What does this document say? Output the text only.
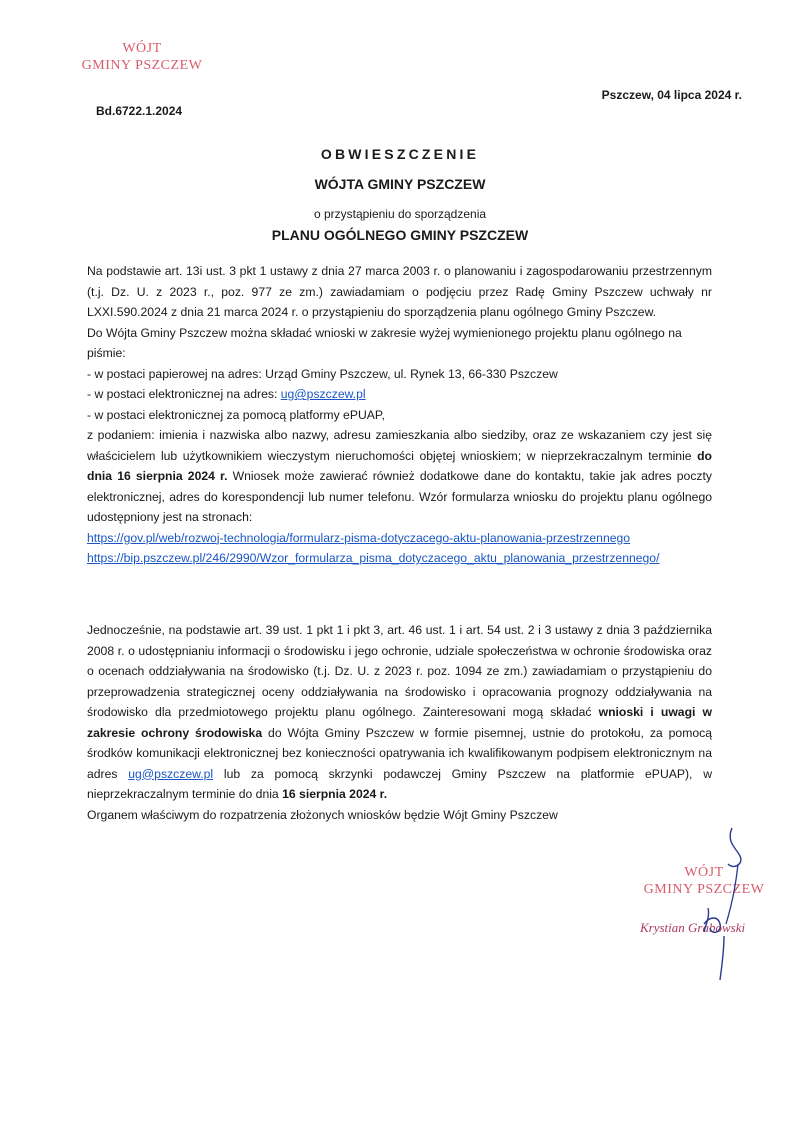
WÓJT
GMINY PSZCZEW
Bd.6722.1.2024
Pszczew, 04 lipca 2024 r.
OBWIESZCZENIE
WÓJTA GMINY PSZCZEW
o przystąpieniu do sporządzenia
PLANU OGÓLNEGO GMINY PSZCZEW

Na podstawie art. 13i ust. 3 pkt 1 ustawy z dnia 27 marca 2003 r. o planowaniu i zagospodarowaniu przestrzennym (t.j. Dz. U. z 2023 r., poz. 977 ze zm.) zawiadamiam o podjęciu przez Radę Gminy Pszczew uchwały nr LXXI.590.2024 z dnia 21 marca 2024 r. o przystąpieniu do sporządzenia planu ogólnego Gminy Pszczew.

Do Wójta Gminy Pszczew można składać wnioski w zakresie wyżej wymienionego projektu planu ogólnego na piśmie:

- w postaci papierowej na adres: Urząd Gminy Pszczew, ul. Rynek 13, 66-330 Pszczew
- w postaci elektronicznej na adres: ug@pszczew.pl
- w postaci elektronicznej za pomocą platformy ePUAP,

z podaniem: imienia i nazwiska albo nazwy, adresu zamieszkania albo siedziby, oraz ze wskazaniem czy jest się właścicielem lub użytkownikiem wieczystym nieruchomości objętej wnioskiem; w nieprzekraczalnym terminie do dnia 16 sierpnia 2024 r. Wniosek może zawierać również dodatkowe dane do kontaktu, takie jak adres poczty elektronicznej, adres do korespondencji lub numer telefonu. Wzór formularza wniosku do projektu planu ogólnego udostępniony jest na stronach:

https://gov.pl/web/rozwoj-technologia/formularz-pisma-dotyczacego-aktu-planowania-przestrzennego
https://bip.pszczew.pl/246/2990/Wzor_formularza_pisma_dotyczacego_aktu_planowania_przestrzennego/

Jednocześnie, na podstawie art. 39 ust. 1 pkt 1 i pkt 3, art. 46 ust. 1 i art. 54 ust. 2 i 3 ustawy z dnia 3 października 2008 r. o udostępnianiu informacji o środowisku i jego ochronie, udziale społeczeństwa w ochronie środowiska oraz o ocenach oddziaływania na środowisko (t.j. Dz. U. z 2023 r. poz. 1094 ze zm.) zawiadamiam o przystąpieniu do przeprowadzenia strategicznej oceny oddziaływania na środowisko i opracowania prognozy oddziaływania na środowisko dla przedmiotowego projektu planu ogólnego. Zainteresowani mogą składać wnioski i uwagi w zakresie ochrony środowiska do Wójta Gminy Pszczew w formie pisemnej, ustnie do protokołu, za pomocą środków komunikacji elektronicznej bez konieczności opatrywania ich kwalifikowanym podpisem elektronicznym na adres ug@pszczew.pl lub za pomocą skrzynki podawczej Gminy Pszczew na platformie ePUAP), w nieprzekraczalnym terminie do dnia 16 sierpnia 2024 r.

Organem właściwym do rozpatrzenia złożonych wniosków będzie Wójt Gminy Pszczew

WÓJT
GMINY PSZCZEW
Krystian Grabowski
